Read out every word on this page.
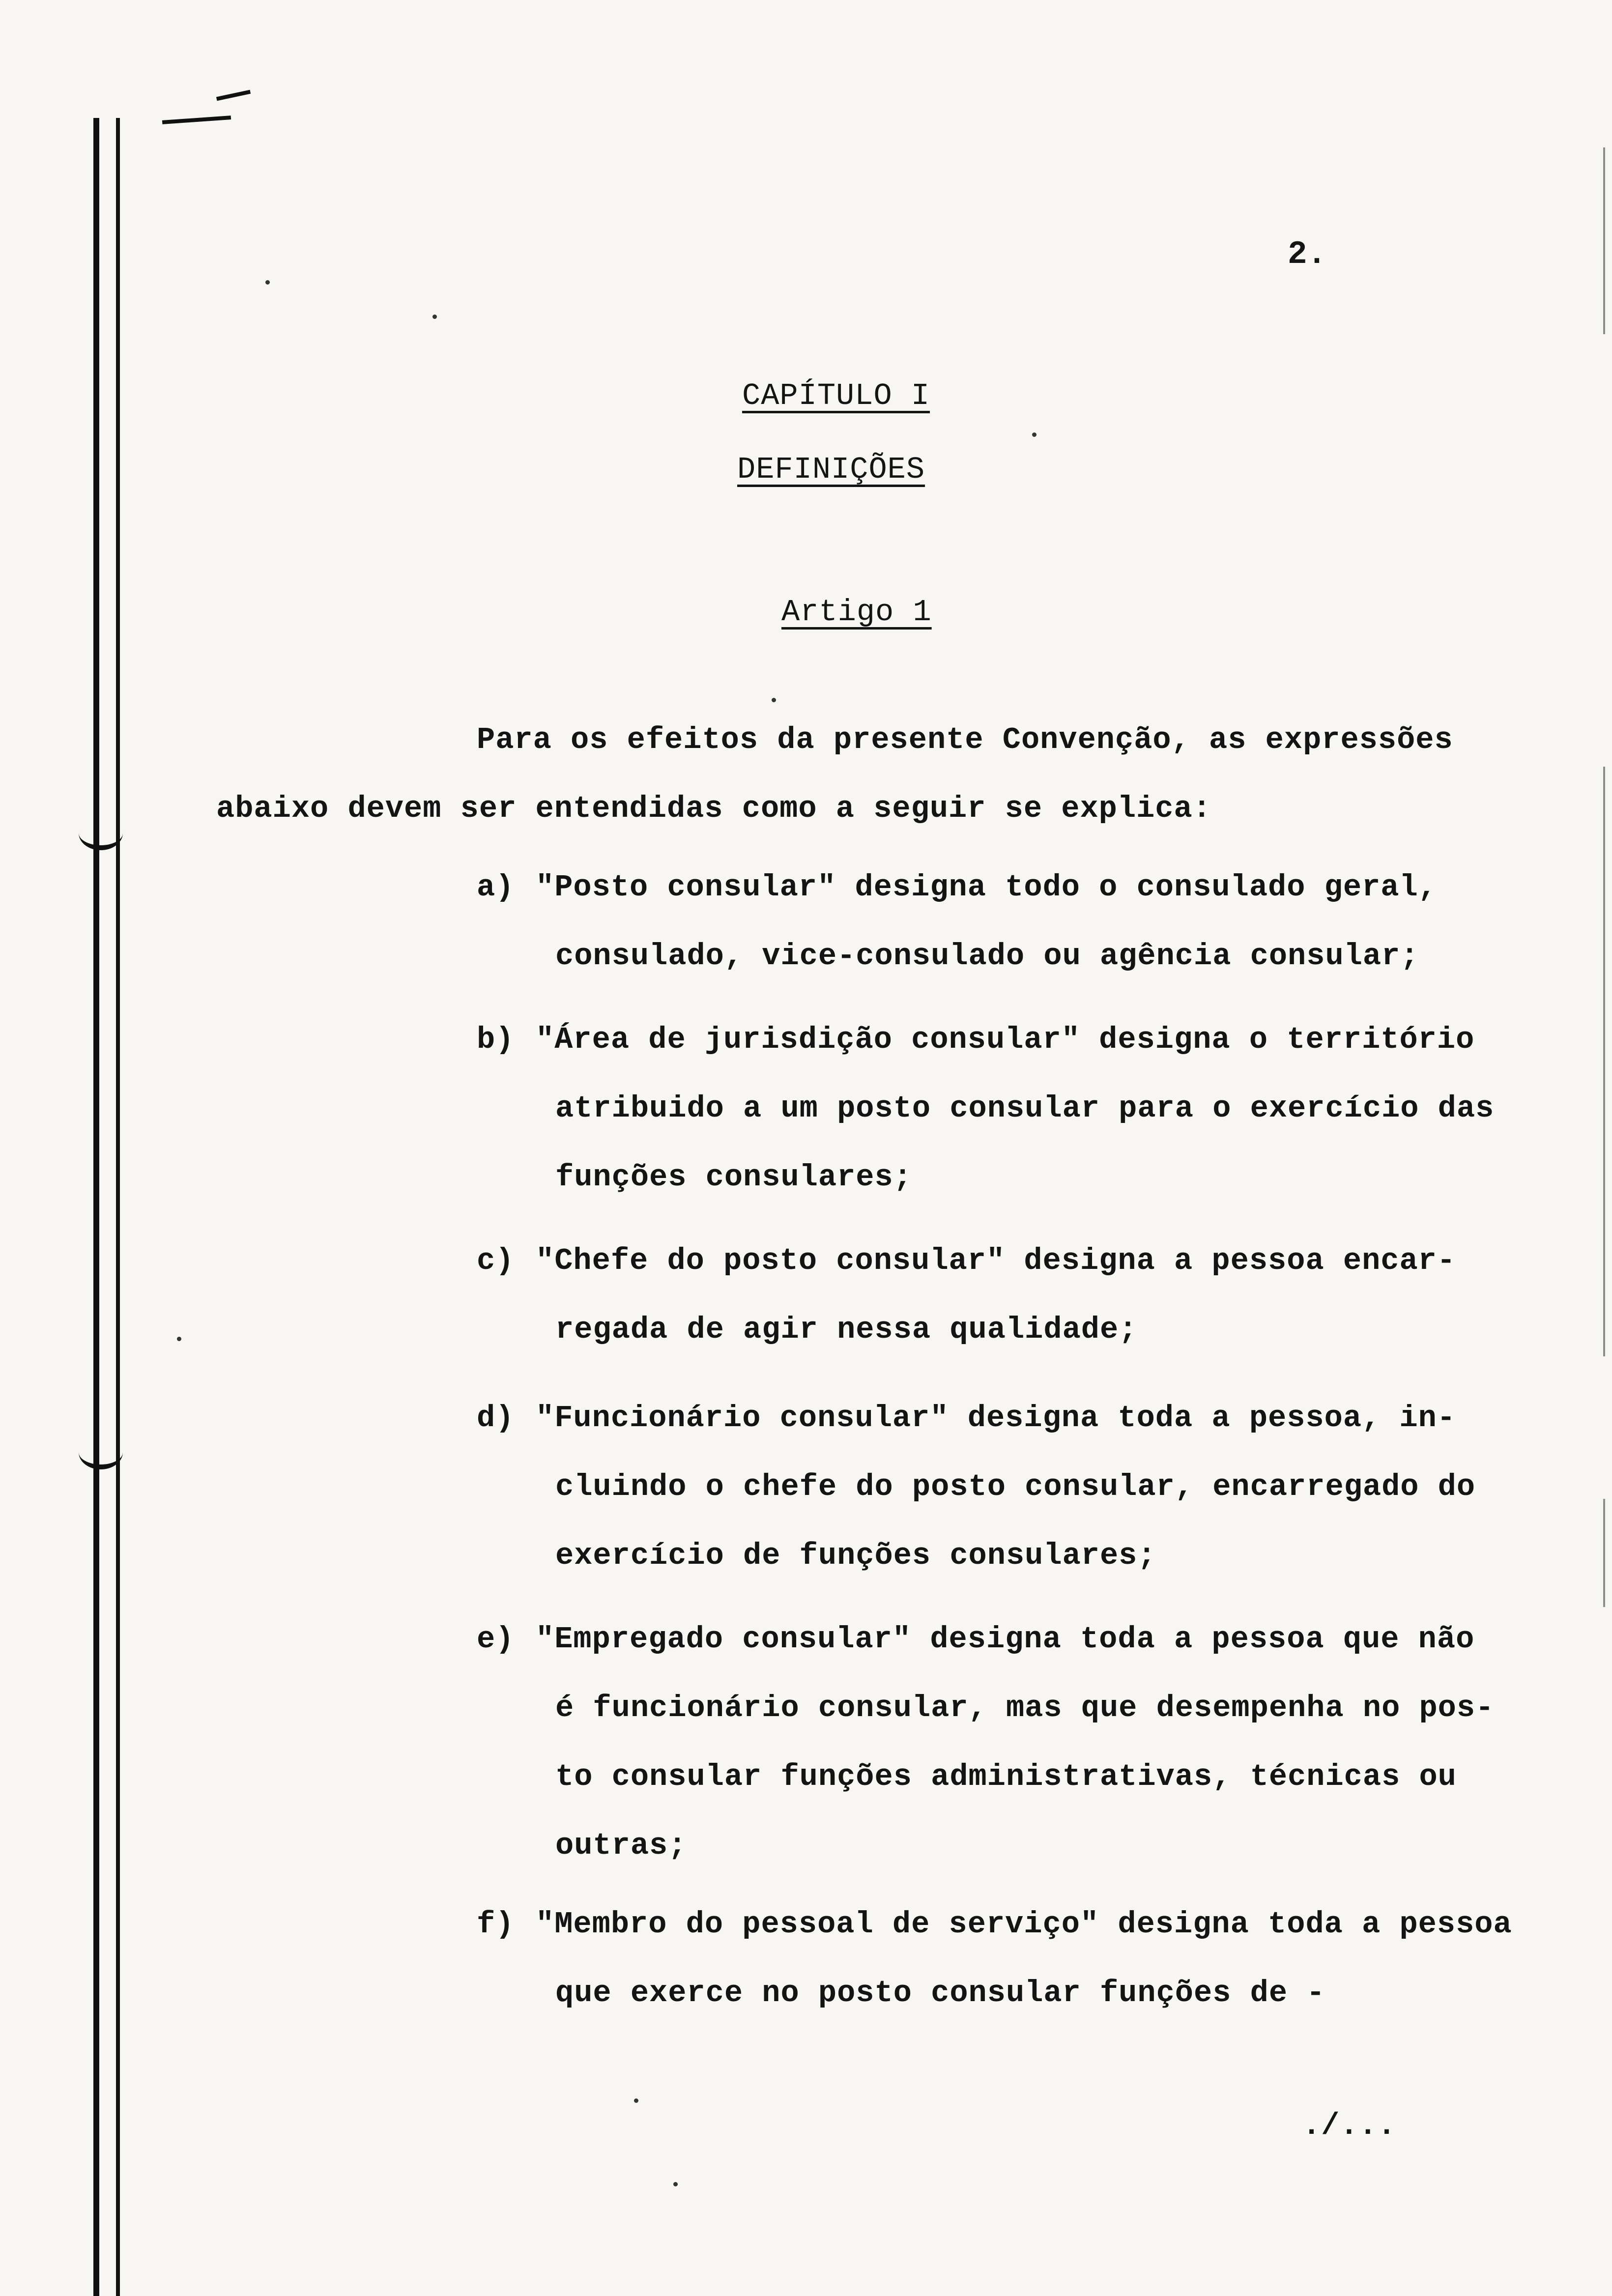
2.
CAPÍTULO I
DEFINIÇÕES
Artigo 1
Para os efeitos da presente Convenção, as expressões
abaixo devem ser entendidas como a seguir se explica:
a) "Posto consular" designa todo o consulado geral,
consulado, vice-consulado ou agência consular;
b) "Área de jurisdição consular" designa o território
atribuido a um posto consular para o exercício das
funções consulares;
c) "Chefe do posto consular" designa a pessoa encar-
regada de agir nessa qualidade;
d) "Funcionário consular" designa toda a pessoa, in-
cluindo o chefe do posto consular, encarregado do
exercício de funções consulares;
e) "Empregado consular" designa toda a pessoa que não
é funcionário consular, mas que desempenha no pos-
to consular funções administrativas, técnicas ou
outras;
f) "Membro do pessoal de serviço" designa toda a pessoa
que exerce no posto consular funções de -
./...
